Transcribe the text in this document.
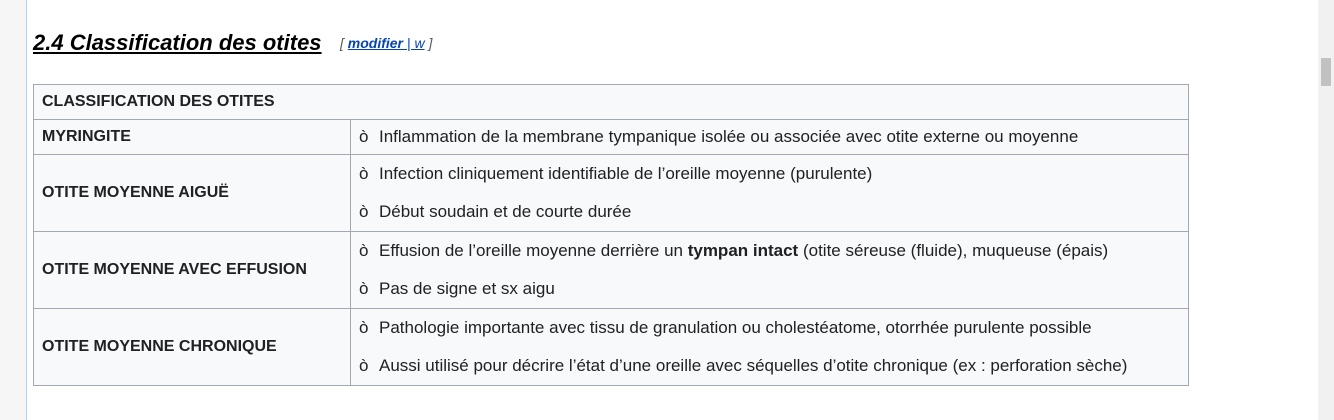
2.4 Classification des otites [ modifier | w ]
CLASSIFICATION DES OTITES	
MYRINGITE	ò Inflammation de la membrane tympanique isolée ou associée avec otite externe ou moyenne

OTITE MOYENNE AIGUË	ò Infection cliniquement identifiable de l’oreille moyenne (purulente)
ò Début soudain et de courte durée

OTITE MOYENNE AVEC EFFUSION	ò Effusion de l’oreille moyenne derrière un tympan intact (otite séreuse (fluide), muqueuse (épais)
ò Pas de signe et sx aigu

OTITE MOYENNE CHRONIQUE	ò Pathologie importante avec tissu de granulation ou cholestéatome, otorrhée purulente possible
ò Aussi utilisé pour décrire l’état d’une oreille avec séquelles d’otite chronique (ex : perforation sèche)
